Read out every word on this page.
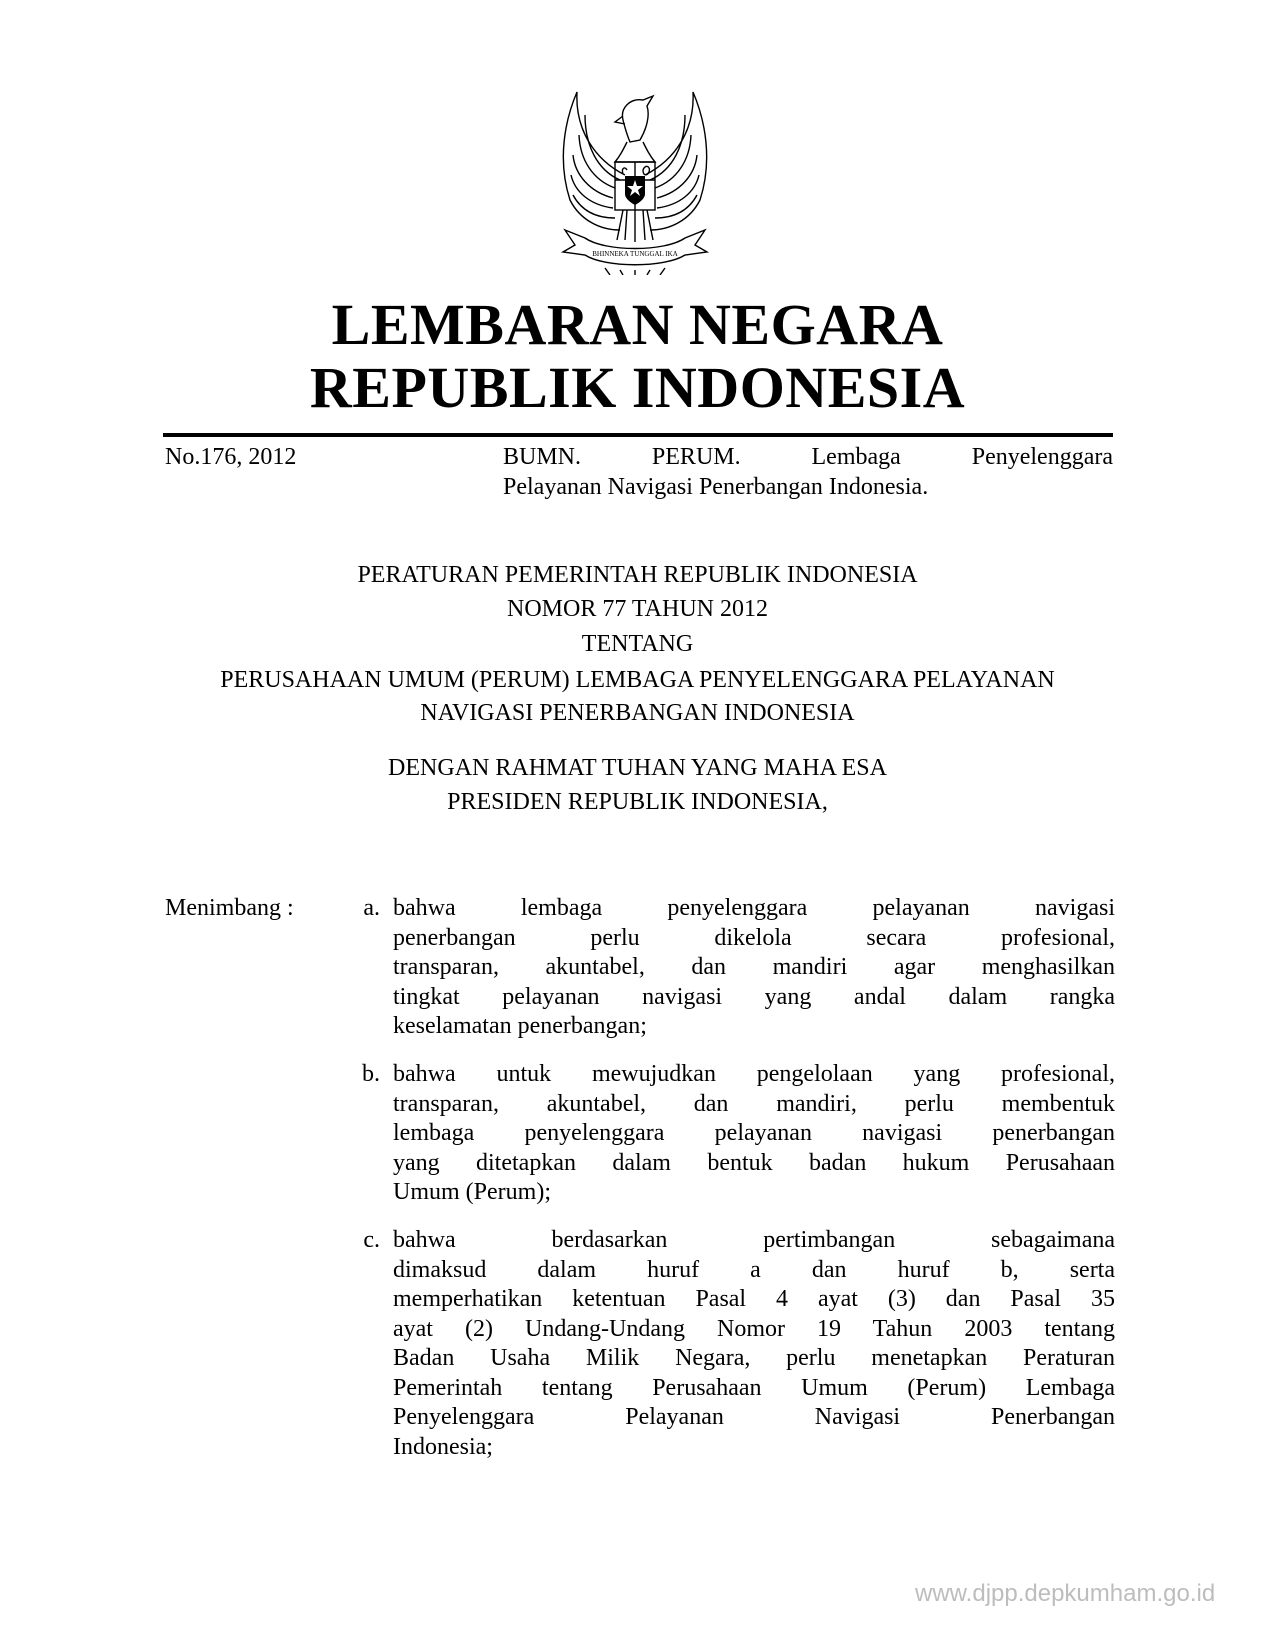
BHINNEKA TUNGGAL IKA
LEMBARAN NEGARA
REPUBLIK INDONESIA
No.176, 2012	BUMN. PERUM. Lembaga Penyelenggara
Pelayanan Navigasi Penerbangan Indonesia.
PERATURAN PEMERINTAH REPUBLIK INDONESIA
NOMOR 77 TAHUN 2012
TENTANG
PERUSAHAAN UMUM (PERUM) LEMBAGA PENYELENGGARA PELAYANAN
NAVIGASI PENERBANGAN INDONESIA
DENGAN RAHMAT TUHAN YANG MAHA ESA
PRESIDEN REPUBLIK INDONESIA,
Menimbang :	a. bahwa lembaga penyelenggara pelayanan navigasi
penerbangan perlu dikelola secara profesional,
transparan, akuntabel, dan mandiri agar menghasilkan
tingkat pelayanan navigasi yang andal dalam rangka
keselamatan penerbangan;
b. bahwa untuk mewujudkan pengelolaan yang profesional,
transparan, akuntabel, dan mandiri, perlu membentuk
lembaga penyelenggara pelayanan navigasi penerbangan
yang ditetapkan dalam bentuk badan hukum Perusahaan
Umum (Perum);
c. bahwa berdasarkan pertimbangan sebagaimana
dimaksud dalam huruf a dan huruf b, serta
memperhatikan ketentuan Pasal 4 ayat (3) dan Pasal 35
ayat (2) Undang-Undang Nomor 19 Tahun 2003 tentang
Badan Usaha Milik Negara, perlu menetapkan Peraturan
Pemerintah tentang Perusahaan Umum (Perum) Lembaga
Penyelenggara Pelayanan Navigasi Penerbangan
Indonesia;
www.djpp.depkumham.go.id
